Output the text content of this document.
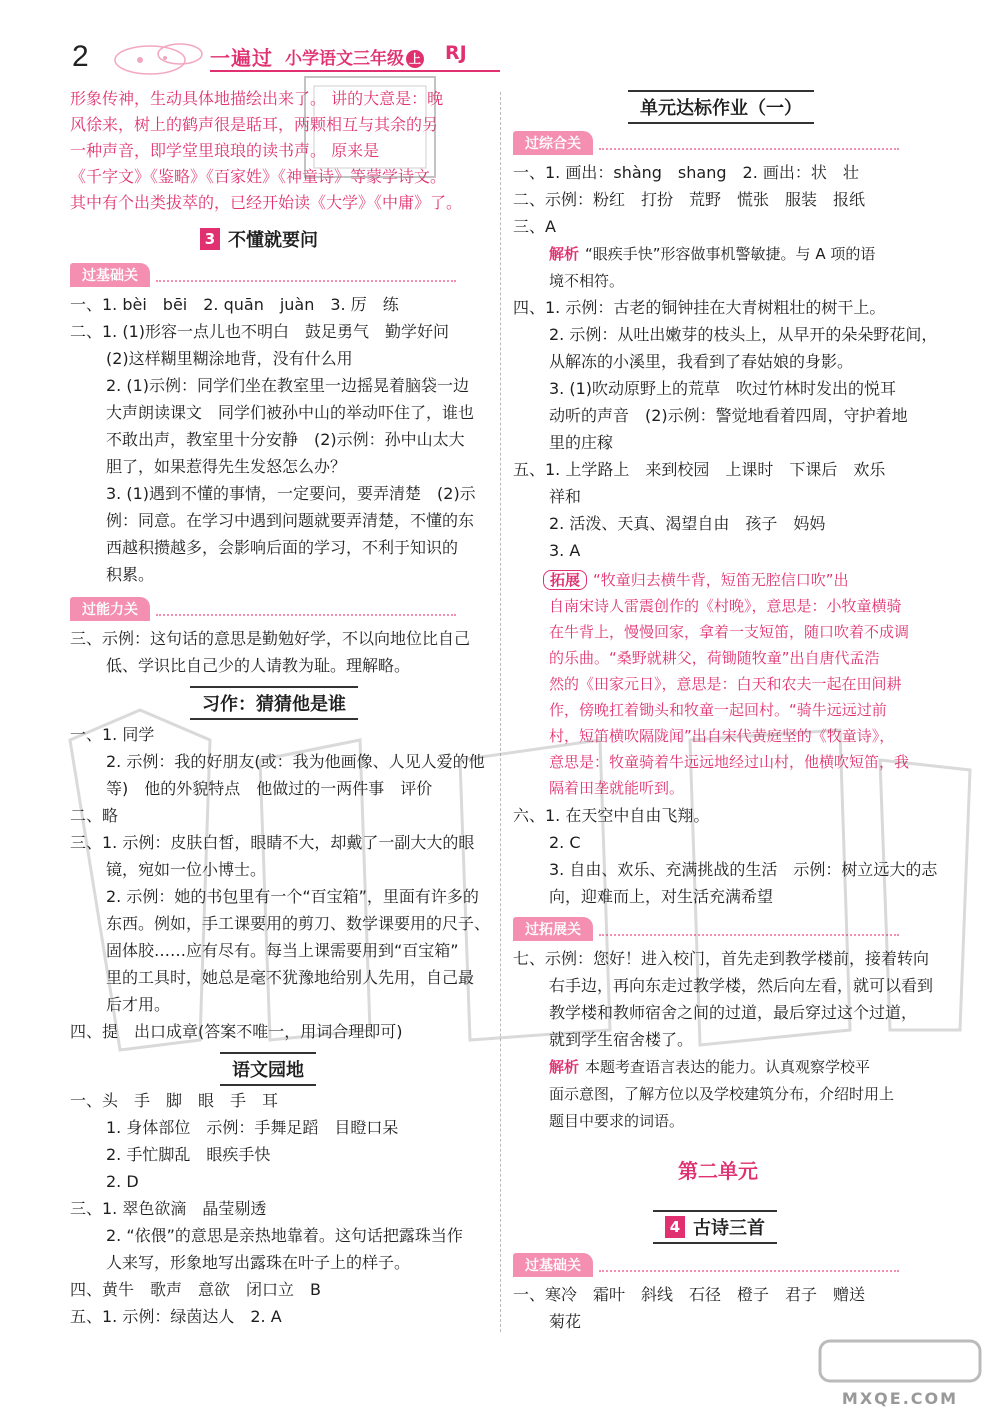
2	一遍过 小学语文三年级 上 RJ
形象传神，生动具体地描绘出来了。 讲的大意是：晚
风徐来，树上的鹤声很是聒耳，两颗相互与其余的另
一种声音，即学堂里琅琅的读书声。 原来是
《千字文》《鉴略》《百家姓》《神童诗》等蒙学诗文。
其中有个出类拔萃的，已经开始读《大学》《中庸》了。
3 不懂就要问
过基础关
一、1. bèi　bēi　2. quān　juàn　3. 厉　练
二、1. (1)形容一点儿也不明白　鼓足勇气　勤学好问
(2)这样糊里糊涂地背，没有什么用
2. (1)示例：同学们坐在教室里一边摇晃着脑袋一边
大声朗读课文　同学们被孙中山的举动吓住了，谁也
不敢出声，教室里十分安静　(2)示例：孙中山太大
胆了，如果惹得先生发怒怎么办？
3. (1)遇到不懂的事情，一定要问，要弄清楚　(2)示
例：同意。在学习中遇到问题就要弄清楚，不懂的东
西越积攒越多，会影响后面的学习，不利于知识的
积累。
过能力关
三、示例：这句话的意思是勤勉好学，不以向地位比自己
低、学识比自己少的人请教为耻。理解略。
习作：猜猜他是谁
一、1. 同学
2. 示例：我的好朋友(或：我为他画像、人见人爱的他
等)　他的外貌特点　他做过的一两件事　评价
二、略
三、1. 示例：皮肤白皙，眼睛不大，却戴了一副大大的眼
镜，宛如一位小博士。
2. 示例：她的书包里有一个“百宝箱”，里面有许多的
东西。例如，手工课要用的剪刀、数学课要用的尺子、
固体胶……应有尽有。每当上课需要用到“百宝箱”
里的工具时，她总是毫不犹豫地给别人先用，自己最
后才用。
四、提　出口成章(答案不唯一，用词合理即可)
语文园地
一、头　手　脚　眼　手　耳
1. 身体部位　示例：手舞足蹈　目瞪口呆
2. 手忙脚乱　眼疾手快
2. D
三、1. 翠色欲滴　晶莹剔透
2. “依偎”的意思是亲热地靠着。这句话把露珠当作
人来写，形象地写出露珠在叶子上的样子。
四、黄牛　歌声　意欲　闭口立　B
五、1. 示例：绿茵达人　2. A
单元达标作业（一）
过综合关
一、1. 画出：shàng　shang　2. 画出：状　壮
二、示例：粉红　打扮　荒野　慌张　服装　报纸
三、A
解析 “眼疾手快”形容做事机警敏捷。与 A 项的语
境不相符。
四、1. 示例：古老的铜钟挂在大青树粗壮的树干上。
2. 示例：从吐出嫩芽的枝头上，从早开的朵朵野花间，
从解冻的小溪里，我看到了春姑娘的身影。
3. (1)吹动原野上的荒草　吹过竹林时发出的悦耳
动听的声音　(2)示例：警觉地看着四周，守护着地
里的庄稼
五、1. 上学路上　来到校园　上课时　下课后　欢乐
祥和
2. 活泼、天真、渴望自由　孩子　妈妈
3. A
拓展 “牧童归去横牛背，短笛无腔信口吹”出
自南宋诗人雷震创作的《村晚》，意思是：小牧童横骑
在牛背上，慢慢回家，拿着一支短笛，随口吹着不成调
的乐曲。“桑野就耕父，荷锄随牧童”出自唐代孟浩
然的《田家元日》，意思是：白天和农夫一起在田间耕
作，傍晚扛着锄头和牧童一起回村。“骑牛远远过前
村，短笛横吹隔陇闻”出自宋代黄庭坚的《牧童诗》，
意思是：牧童骑着牛远远地经过山村，他横吹短笛，我
隔着田垄就能听到。
六、1. 在天空中自由飞翔。
2. C
3. 自由、欢乐、充满挑战的生活　示例：树立远大的志
向，迎难而上，对生活充满希望
过拓展关
七、示例：您好！进入校门，首先走到教学楼前，接着转向
右手边，再向东走过教学楼，然后向左看，就可以看到
教学楼和教师宿舍之间的过道，最后穿过这个过道，
就到学生宿舍楼了。
解析 本题考查语言表达的能力。认真观察学校平
面示意图，了解方位以及学校建筑分布，介绍时用上
题目中要求的词语。
第二单元
4 古诗三首
过基础关
一、寒冷　霜叶　斜线　石径　橙子　君子　赠送
菊花
MXQE.COM
